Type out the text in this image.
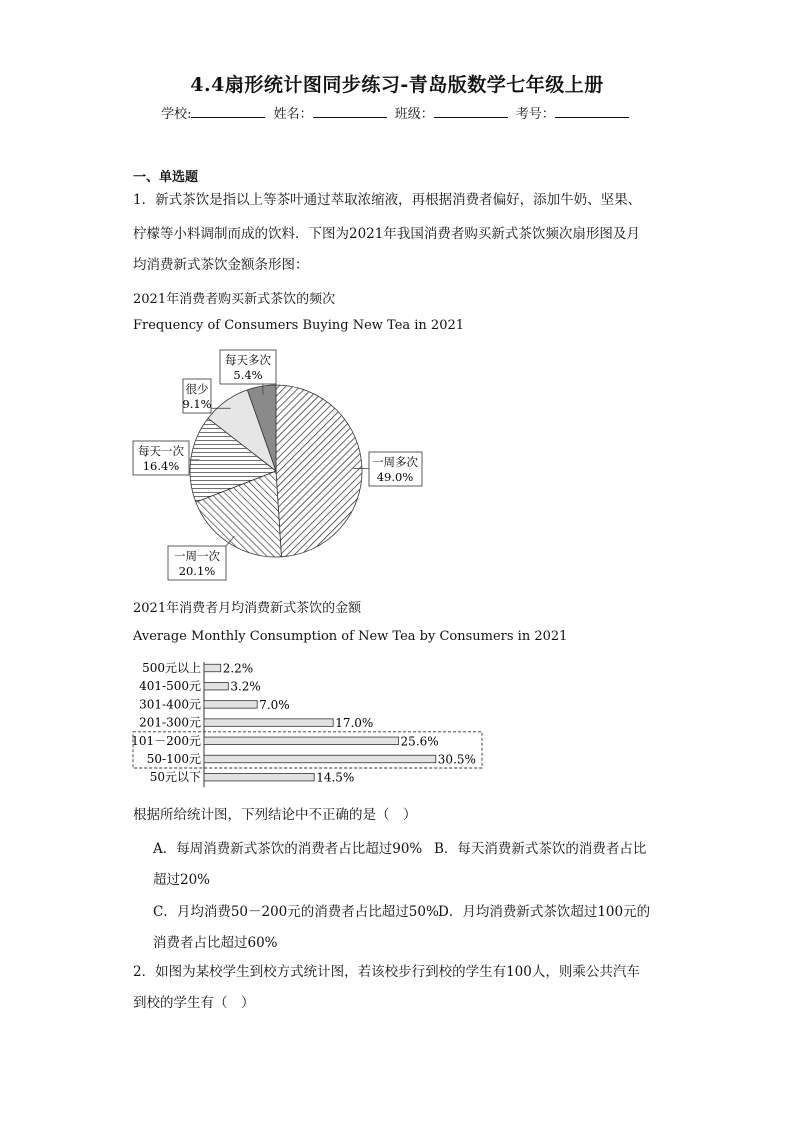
4.4扇形统计图同步练习-青岛版数学七年级上册
学校:	姓名：	班级：	考号：
一、单选题
1．新式茶饮是指以上等茶叶通过萃取浓缩液，再根据消费者偏好，添加牛奶、坚果、
柠檬等小料调制而成的饮料．下图为2021年我国消费者购买新式茶饮频次扇形图及月
均消费新式茶饮金额条形图：
2021年消费者购买新式茶饮的频次
Frequency of Consumers Buying New Tea in 2021
一周多次
49.0%
一周一次
20.1%
每天一次
16.4%
很少
9.1%
每天多次
5.4%
500元以上 2.2%
401-500元 3.2%
301-400元	7.0%
201-300元	17.0%
101－200元	25.6%
50-100元	30.5%
50元以下	14.5%
2021年消费者月均消费新式茶饮的金额
Average Monthly Consumption of New Tea by Consumers in 2021
根据所给统计图，下列结论中不正确的是（　）
A．每周消费新式茶饮的消费者占比超过90% B．每天消费新式茶饮的消费者占比
超过20%
C．月均消费50－200元的消费者占比超过50% D．月均消费新式茶饮超过100元的
消费者占比超过60%
2．如图为某校学生到校方式统计图，若该校步行到校的学生有100人，则乘公共汽车
到校的学生有（　）
